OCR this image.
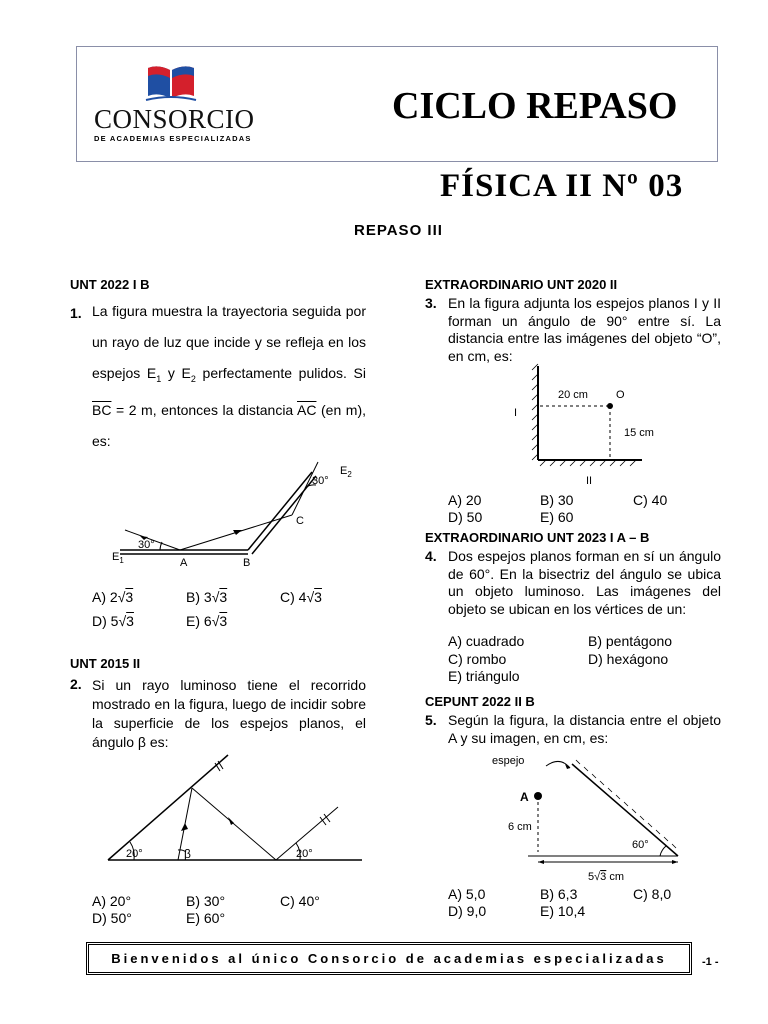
CONSORCIO
DE ACADEMIAS ESPECIALIZADAS
CICLO REPASO
FÍSICA II Nº 03
REPASO III
UNT 2022 I B
1. La figura muestra la trayectoria seguida por un rayo de luz que incide y se refleja en los espejos $E_1$ y $E_2$ perfectamente pulidos. Si $\overline{BC} = 2$ m, entonces la distancia $\overline{AC}$ (en m), es:
30°
30°
$E_1$
$E_2$
A	B
C
A) 2√3	B) 3√3	C) 4√3
D) 5√3	E) 6√3
UNT 2015 II
2. Si un rayo luminoso tiene el recorrido mostrado en la figura, luego de incidir sobre la superficie de los espejos planos, el ángulo β es:
20°	β	20°
A) 20°	B) 30°	C) 40°
D) 50°	E) 60°
EXTRAORDINARIO UNT 2020 II
3. En la figura adjunta los espejos planos I y II forman un ángulo de 90° entre sí. La distancia entre las imágenes del objeto “O”, en cm, es:
20 cm	O
15 cm
I
II
A) 20	B) 30	C) 40
D) 50	E) 60
EXTRAORDINARIO UNT 2023 I A – B
4. Dos espejos planos forman en sí un ángulo de 60°. En la bisectriz del ángulo se ubica un objeto luminoso. Las imágenes del objeto se ubican en los vértices de un:
A) cuadrado	B) pentágono
C) rombo	D) hexágono
E) triángulo
CEPUNT 2022 II B
5. Según la figura, la distancia entre el objeto A y su imagen, en cm, es:
espejo
A
6 cm
60°
5√3 cm
A) 5,0	B) 6,3	C) 8,0
D) 9,0	E) 10,4
Bienvenidos al único Consorcio de academias especializadas	-1 -
